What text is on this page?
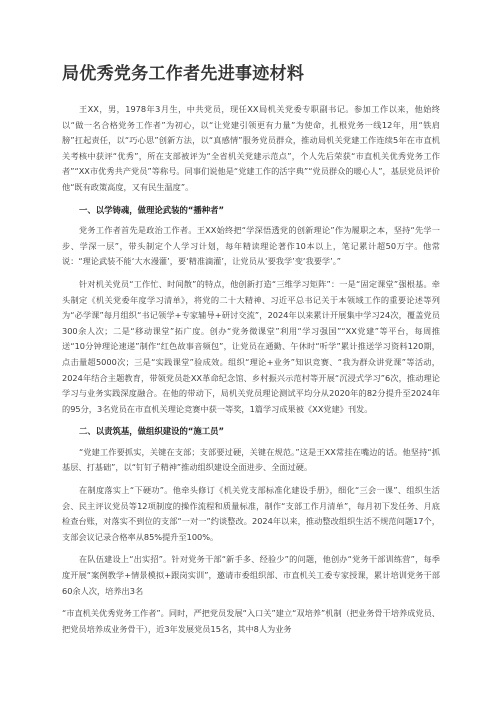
局优秀党务工作者先进事迹材料

王XX，男，1978年3月生，中共党员，现任XX局机关党委专职副书记。参加工作以来，他始终以“做一名合格党务工作者”为初心，以“让党建引领更有力量”为使命，扎根党务一线12年，用“铁肩膀”扛起责任，以“巧心思”创新方法，以“真感情”服务党员群众，推动局机关党建工作连续5年在市直机关考核中获评“优秀”，所在支部被评为“全省机关党建示范点”，个人先后荣获“市直机关优秀党务工作者”“XX市优秀共产党员”等称号。同事们说他是“党建工作的活字典”“党员群众的暖心人”，基层党员评价他“既有政策高度，又有民生温度”。

一、以学铸魂，做理论武装的“播种者”

党务工作者首先是政治工作者。王XX始终把“学深悟透党的创新理论”作为履职之本，坚持“先学一步、学深一层”，带头制定个人学习计划，每年精读理论著作10本以上，笔记累计超50万字。他常说：“理论武装不能‘大水漫灌’，要‘精准滴灌’，让党员从‘要我学’变‘我要学’。”

针对机关党员“工作忙、时间散”的特点，他创新打造“三维学习矩阵”：一是“固定课堂”强根基。牵头制定《机关党委年度学习清单》，将党的二十大精神、习近平总书记关于本领域工作的重要论述等列为“必学课”每月组织“书记领学+专家辅导+研讨交流”，2024年以来累计开展集中学习24次，覆盖党员300余人次；二是“移动课堂”拓广度。创办“党务微课堂”利用“学习强国”“XX党建”等平台，每周推送“10分钟理论速递”制作“红色故事音频包”，让党员在通勤、午休时“听学”累计推送学习资料120期，点击量超5000次；三是“实践课堂”验成效。组织“理论+业务”知识竞赛、“我为群众讲党课”等活动，2024年结合主题教育，带领党员赴XX革命纪念馆、乡村振兴示范村等开展“沉浸式学习”6次，推动理论学习与业务实践深度融合。在他的带动下，局机关党员理论测试平均分从2020年的82分提升至2024年的95分，3名党员在市直机关理论竞赛中获一等奖，1篇学习成果被《XX党建》刊发。

二、以责筑基，做组织建设的“施工员”

“党建工作要抓实，关键在支部；支部要过硬，关键在规范。”这是王XX常挂在嘴边的话。他坚持“抓基层、打基础”，以“钉钉子精神”推动组织建设全面进步、全面过硬。

在制度落实上“下硬功”。他牵头修订《机关党支部标准化建设手册》，细化“三会一课”、组织生活会、民主评议党员等12项制度的操作流程和质量标准，制作“支部工作月清单”，每月初下发任务、月底检查台账，对落实不到位的支部“一对一”约谈整改。2024年以来，推动整改组织生活不规范问题17个，支部会议记录合格率从85%提升至100%。

在队伍建设上“出实招”。针对党务干部“新手多、经验少”的问题，他创办“党务干部训练营”，每季度开展“案例教学+情景模拟+跟岗实训”，邀请市委组织部、市直机关工委专家授课，累计培训党务干部60余人次，培养出3名

“市直机关优秀党务工作者”。同时，严把党员发展“入口关”建立“双培养”机制（把业务骨干培养成党员、把党员培养成业务骨干），近3年发展党员15名，其中8人为业务
